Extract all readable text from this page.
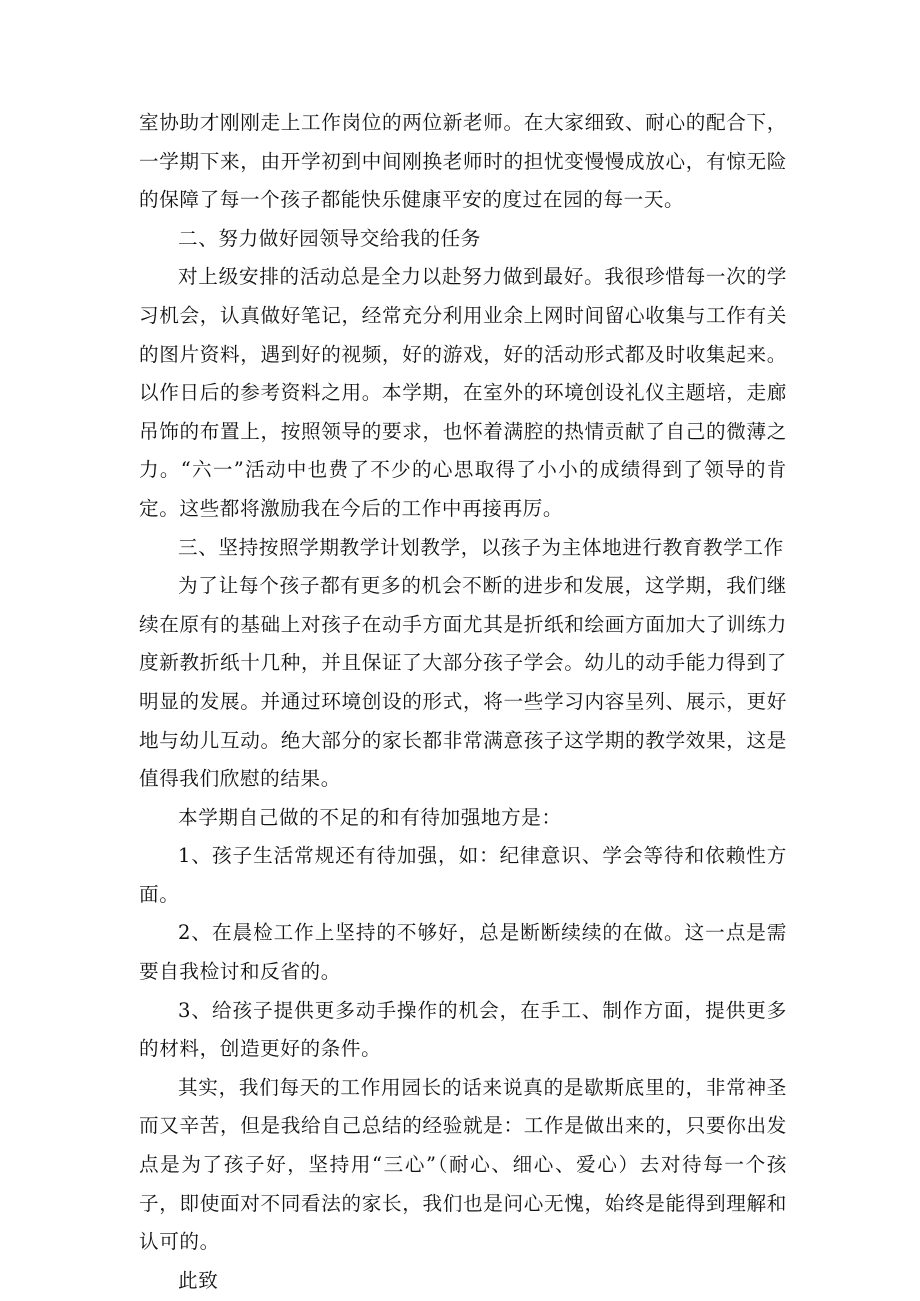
室协助才刚刚走上工作岗位的两位新老师。在大家细致、耐心的配合下，一学期下来，由开学初到中间刚换老师时的担忧变慢慢成放心，有惊无险的保障了每一个孩子都能快乐健康平安的度过在园的每一天。

二、努力做好园领导交给我的任务

对上级安排的活动总是全力以赴努力做到最好。我很珍惜每一次的学习机会，认真做好笔记，经常充分利用业余上网时间留心收集与工作有关的图片资料，遇到好的视频，好的游戏，好的活动形式都及时收集起来。以作日后的参考资料之用。本学期，在室外的环境创设礼仪主题培，走廊吊饰的布置上，按照领导的要求，也怀着满腔的热情贡献了自己的微薄之力。“六一”活动中也费了不少的心思取得了小小的成绩得到了领导的肯定。这些都将激励我在今后的工作中再接再厉。

三、坚持按照学期教学计划教学，以孩子为主体地进行教育教学工作

为了让每个孩子都有更多的机会不断的进步和发展，这学期，我们继续在原有的基础上对孩子在动手方面尤其是折纸和绘画方面加大了训练力度新教折纸十几种，并且保证了大部分孩子学会。幼儿的动手能力得到了明显的发展。并通过环境创设的形式，将一些学习内容呈列、展示，更好地与幼儿互动。绝大部分的家长都非常满意孩子这学期的教学效果，这是值得我们欣慰的结果。

本学期自己做的不足的和有待加强地方是：

1、孩子生活常规还有待加强，如：纪律意识、学会等待和依赖性方面。

2、在晨检工作上坚持的不够好，总是断断续续的在做。这一点是需要自我检讨和反省的。

3、给孩子提供更多动手操作的机会，在手工、制作方面，提供更多的材料，创造更好的条件。

其实，我们每天的工作用园长的话来说真的是歇斯底里的，非常神圣而又辛苦，但是我给自己总结的经验就是：工作是做出来的，只要你出发点是为了孩子好，坚持用“三心”（耐心、细心、爱心）去对待每一个孩子，即使面对不同看法的家长，我们也是问心无愧，始终是能得到理解和认可的。

此致
